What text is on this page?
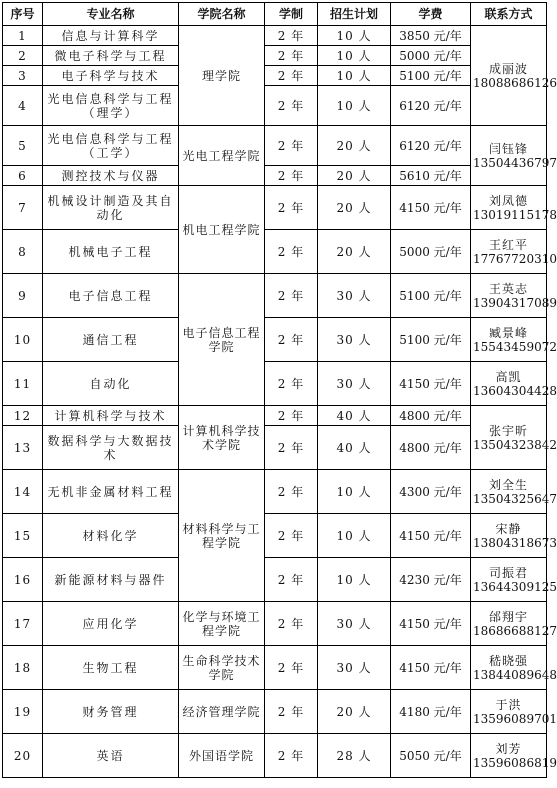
序号	专业名称	学院名称	学制	招生计划	学费	联系方式
1	信息与计算科学	理学院	2 年	10 人	3850 元/年	成丽波
18088686126

2	微电子科学与工程		2 年	10 人	5000 元/年	
3	电子科学与技术		2 年	10 人	5100 元/年	
4	光电信息科学与工程（理学）		2 年	10 人	6120 元/年	
5	光电信息科学与工程（工学）	光电工程学院	2 年	20 人	6120 元/年	闫钰锋
13504436797

6	测控技术与仪器		2 年	20 人	5610 元/年	
7	机械设计制造及其自动化	机电工程学院	2 年	20 人	4150 元/年	刘凤德
13019115178

8	机械电子工程		2 年	20 人	5000 元/年	王红平
17767720310

9	电子信息工程	电子信息工程学院	2 年	30 人	5100 元/年	王英志
13904317089

10	通信工程		2 年	30 人	5100 元/年	臧景峰
15543459072

11	自动化		2 年	30 人	4150 元/年	高凯
13604304428

12	计算机科学与技术	计算机科学技术学院	2 年	40 人	4800 元/年	张宇昕
13504323842

13	数据科学与大数据技术		2 年	40 人	4800 元/年	
14	无机非金属材料工程	材料科学与工程学院	2 年	10 人	4300 元/年	刘全生
13504325647

15	材料化学		2 年	10 人	4150 元/年	宋静
13804318673

16	新能源材料与器件		2 年	10 人	4230 元/年	司振君
13644309125

17	应用化学	化学与环境工程学院	2 年	30 人	4150 元/年	邰翔宇
18686688127

18	生物工程	生命科学技术学院	2 年	30 人	4150 元/年	嵇晓强
13844089648

19	财务管理	经济管理学院	2 年	20 人	4180 元/年	于洪
13596089701

20	英语	外国语学院	2 年	28 人	5050 元/年	刘芳
13596086819
